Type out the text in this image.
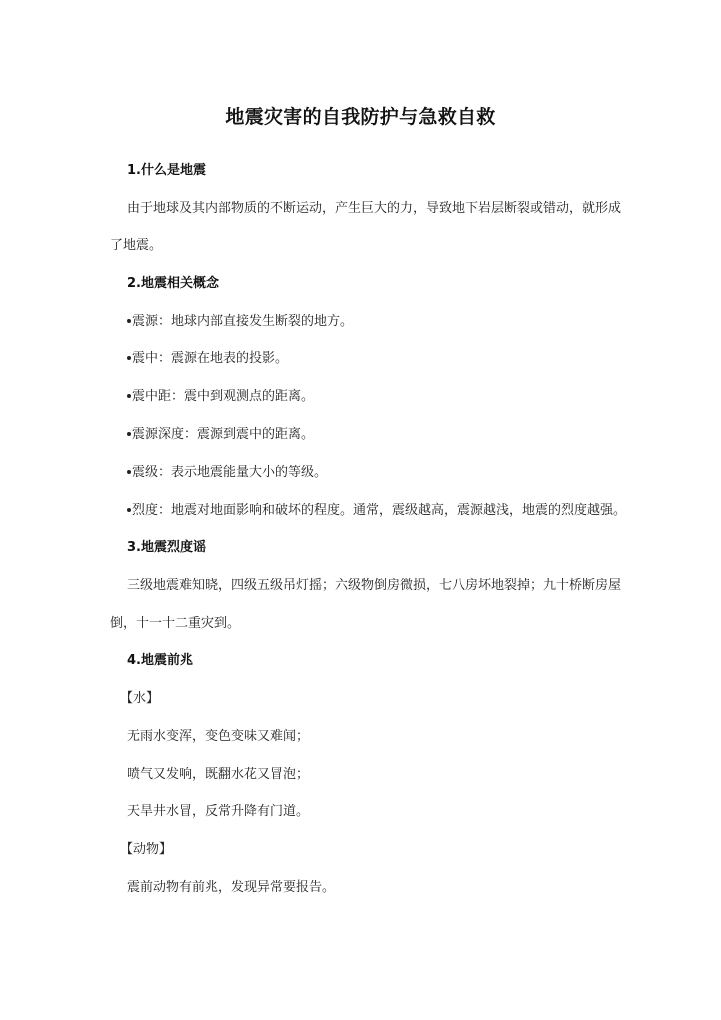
地震灾害的自我防护与急救自救
1.什么是地震
由于地球及其内部物质的不断运动，产生巨大的力，导致地下岩层断裂或错动，就形成
了地震。
2.地震相关概念
震源：地球内部直接发生断裂的地方。
震中：震源在地表的投影。
震中距：震中到观测点的距离。
震源深度：震源到震中的距离。
震级：表示地震能量大小的等级。
烈度：地震对地面影响和破坏的程度。通常，震级越高，震源越浅，地震的烈度越强。
3.地震烈度谣
三级地震难知晓，四级五级吊灯摇；六级物倒房微损，七八房坏地裂掉；九十桥断房屋
倒，十一十二重灾到。
4.地震前兆
【水】
无雨水变浑，变色变味又难闻；
喷气又发响，既翻水花又冒泡；
天旱井水冒，反常升降有门道。
【动物】
震前动物有前兆，发现异常要报告。
